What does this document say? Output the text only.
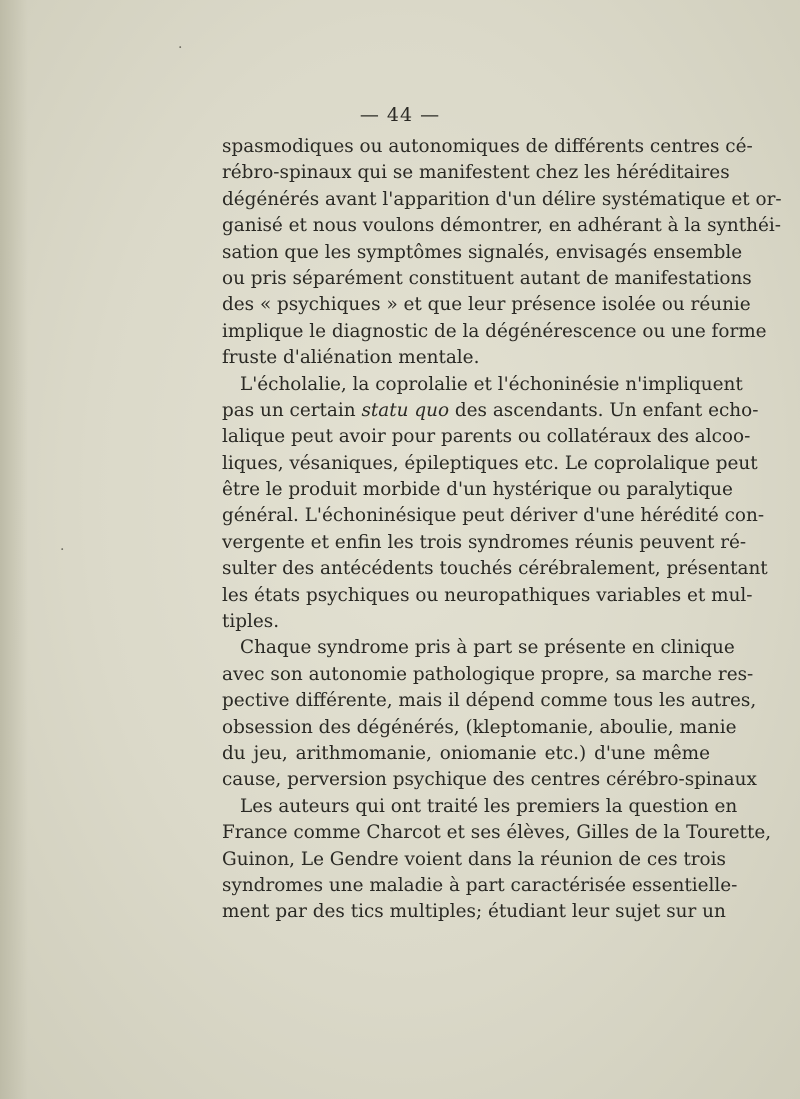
·
·
— 44 —
spasmodiques ou autonomiques de différents centres cé-
rébro-spinaux qui se manifestent chez les héréditaires
dégénérés avant l'apparition d'un délire systématique et or-
ganisé et nous voulons démontrer, en adhérant à la synthéi-
sation que les symptômes signalés, envisagés ensemble
ou pris séparément constituent autant de manifestations
des « psychiques » et que leur présence isolée ou réunie
implique le diagnostic de la dégénérescence ou une forme
fruste d'aliénation mentale.
L'écholalie, la coprolalie et l'échoninésie n'impliquent
pas un certain statu quo des ascendants. Un enfant echo-
lalique peut avoir pour parents ou collatéraux des alcoo-
liques, vésaniques, épileptiques etc. Le coprolalique peut
être le produit morbide d'un hystérique ou paralytique
général. L'échoninésique peut dériver d'une hérédité con-
vergente et enfin les trois syndromes réunis peuvent ré-
sulter des antécédents touchés cérébralement, présentant
les états psychiques ou neuropathiques variables et mul-
tiples.
Chaque syndrome pris à part se présente en clinique
avec son autonomie pathologique propre, sa marche res-
pective différente, mais il dépend comme tous les autres,
obsession des dégénérés, (kleptomanie, aboulie, manie
du jeu, arithmomanie, oniomanie etc.) d'une même
cause, perversion psychique des centres cérébro-spinaux
Les auteurs qui ont traité les premiers la question en
France comme Charcot et ses élèves, Gilles de la Tourette,
Guinon, Le Gendre voient dans la réunion de ces trois
syndromes une maladie à part caractérisée essentielle-
ment par des tics multiples; étudiant leur sujet sur un
